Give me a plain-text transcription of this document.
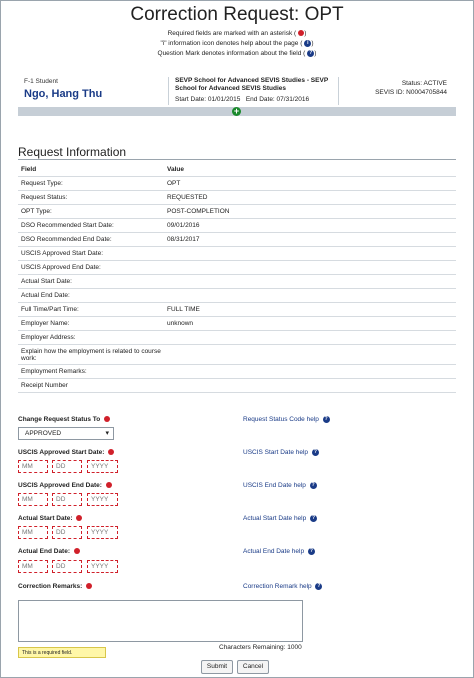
Correction Request: OPT
Required fields are marked with an asterisk ( )
"i" information icon denotes help about the page ( i )
Question Mark denotes information about the field ( ? )
F-1 Student
Ngo, Hang Thu
SEVP School for Advanced SEVIS Studies - SEVP School for Advanced SEVIS Studies
Start Date: 01/01/2015 End Date: 07/31/2016
Status: ACTIVE
SEVIS ID: N0004705844
+
Request Information
Field	Value
Request Type:	OPT
Request Status:	REQUESTED
OPT Type:	POST-COMPLETION
DSO Recommended Start Date:	09/01/2016
DSO Recommended End Date:	08/31/2017
USCIS Approved Start Date:	
USCIS Approved End Date:	
Actual Start Date:	
Actual End Date:	
Full Time/Part Time:	FULL TIME
Employer Name:	unknown
Employer Address:	
Explain how the employment is related to course work:	
Employment Remarks:	
Receipt Number	
Change Request Status To	Request Status Code help ?
APPROVED	▾
USCIS Approved Start Date:	USCIS Start Date help ?
MM	DD	YYYY
USCIS Approved End Date:	USCIS End Date help ?
MM	DD	YYYY
Actual Start Date:	Actual Start Date help ?
MM	DD	YYYY
Actual End Date:	Actual End Date help ?
MM	DD	YYYY
Correction Remarks:	Correction Remark help ?
Characters Remaining: 1000
This is a required field.
Submit	Cancel
